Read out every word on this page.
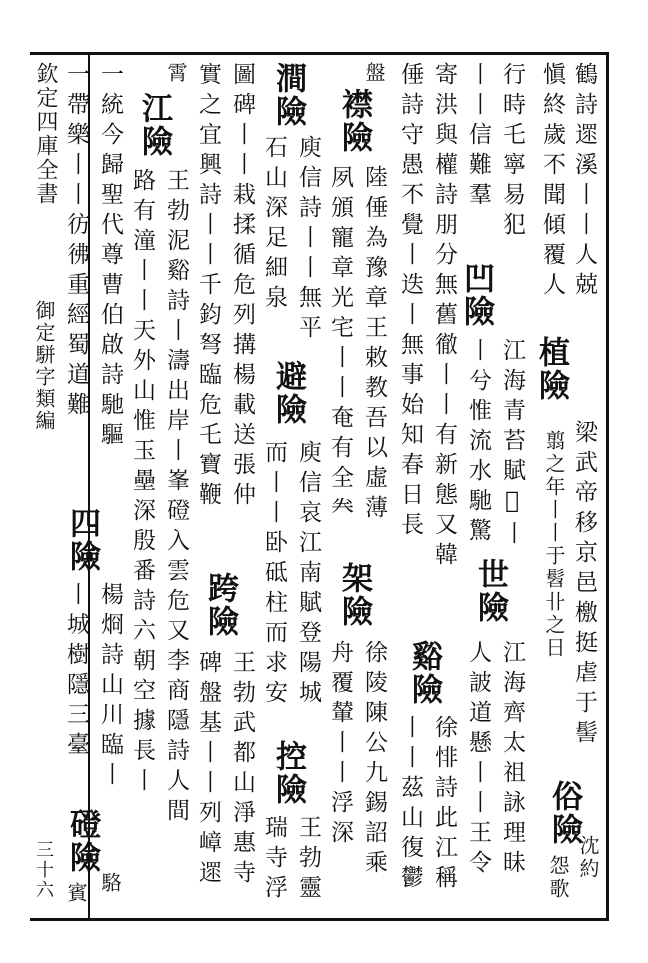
鶴詩遝溪丨丨人兢
植險
梁武帝移京邑檄挺虐于髻
愼終歲不聞傾覆人
翦之年丨丨于髫卝之日
行時乇寧易犯
江海齊太祖詠理昧
丨丨信難羣
凹險
江海青苔賦𡚶丨
丨兮惟流水馳驚
世險
人詖道懸丨丨王令 俗險
沈約
怨歌
寄洪與權詩朋分無舊徹丨丨有新態又韓
倕詩守愚不覺丨迭丨無事始知春日長
谿險
徐悱詩此江稱
丨丨茲山復鬱
盤
襟險
陸倕為豫章王敕教吾以虛薄
夙頒寵章光宅丨丨奄有全𠔉
架險
徐陵陳公九錫詔乘
舟覆輦丨丨浮深
澗險
庾信詩丨丨無平
石山深足細泉
避險
庾信哀江南賦登陽城
而丨丨卧砥柱而求安
控險
王勃靈
瑞寺浮
圖碑丨丨栽揉循危列搆楊載送張仲
實之宜興詩丨丨千鈞弩臨危乇寶鞭
跨險
王勃武都山淨惠寺
碑盤基丨丨列嶂遝
霄
江險
王勃泥谿詩丨濤出岸丨峯磴入雲危又李商隱詩人間
路有潼丨丨天外山惟玉壘深殷番詩六朝空據長丨
一統今歸聖代尊曹伯啟詩馳驅
四險
楊烱詩山川臨丨
丨城樹隱三臺
磴險
駱
賓
一帶樂丨丨彷彿重經蜀道難
欽定四庫全書
御定駢字類編
三十六
